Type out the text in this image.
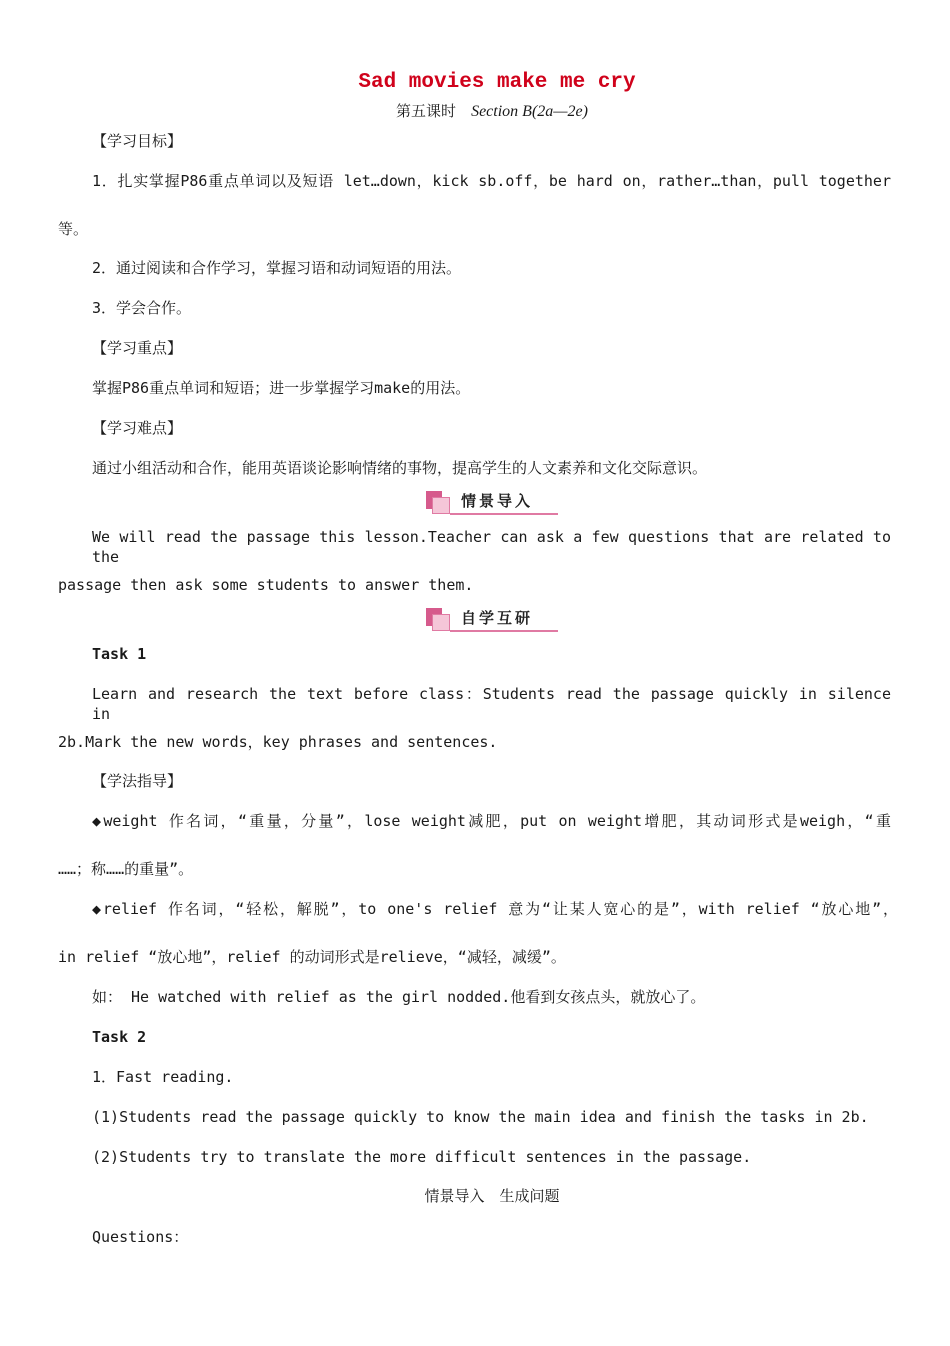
Sad movies make me cry
第五课时　 Section B(2a—2e)
【学习目标】
1．扎实掌握P86重点单词以及短语 let…down，kick sb.off，be hard on，rather…than，pull together
等。
2．通过阅读和合作学习，掌握习语和动词短语的用法。
3．学会合作。
【学习重点】
掌握P86重点单词和短语；进一步掌握学习make的用法。
【学习难点】
通过小组活动和合作，能用英语谈论影响情绪的事物，提高学生的人文素养和文化交际意识。
情景导入
We will read the passage this lesson.Teacher can ask a few questions that are related to the
passage then ask some students to answer them.
自学互研
Task 1
Learn and research the text before class：Students read the passage quickly in silence in
2b.Mark the new words，key phrases and sentences.
【学法指导】
◆weight 作名词，“重量，分量”，lose weight减肥，put on weight增肥，其动词形式是weigh，“重
……；称……的重量”。
◆relief 作名词，“轻松，解脱”，to one's relief 意为“让某人宽心的是”，with relief “放心地”，
in relief “放心地”，relief 的动词形式是relieve，“减轻，减缓”。
如： He watched with relief as the girl nodded.他看到女孩点头，就放心了。
Task 2
1．Fast reading.
(1)Students read the passage quickly to know the main idea and finish the tasks in 2b.
(2)Students try to translate the more difficult sentences in the passage.
情景导入　生成问题
Questions：
